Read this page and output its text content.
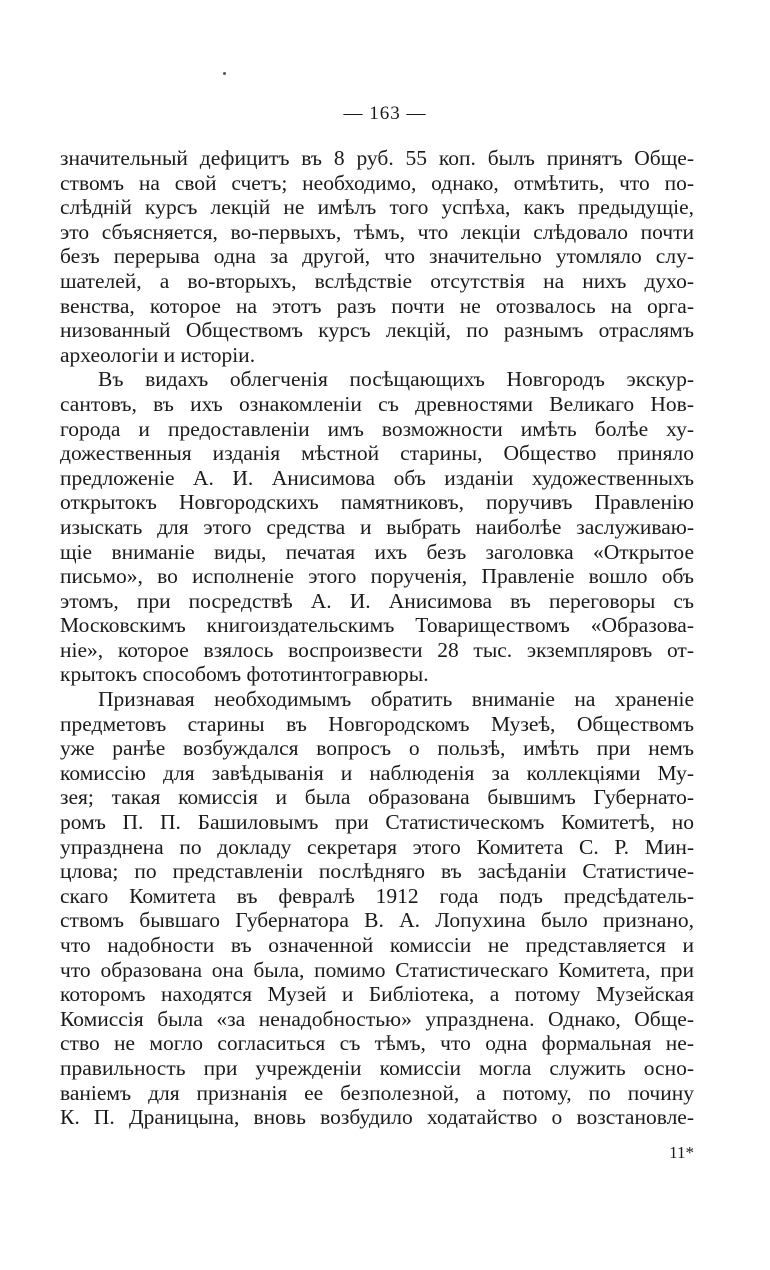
— 163 —

значительный дефицитъ въ 8 руб. 55 коп. былъ принятъ Обще-
ствомъ на свой счетъ; необходимо, однако, отмѣтить, что по-
слѣднiй курсъ лекцiй не имѣлъ того успѣха, какъ предыдущiе,
это сбъясняется, во-первыхъ, тѣмъ, что лекцiи слѣдовало почти
безъ перерыва одна за другой, что значительно утомляло слу-
шателей, а во-вторыхъ, вслѣдствiе отсутствiя на нихъ духо-
венства, которое на этотъ разъ почти не отозвалось на орга-
низованный Обществомъ курсъ лекцiй, по разнымъ отраслямъ
археологiи и исторiи.

Въ видахъ облегченiя посѣщающихъ Новгородъ экскур-
сантовъ, въ ихъ ознакомленiи съ древностями Великаго Нов-
города и предоставленiи имъ возможности имѣть болѣе ху-
дожественныя изданiя мѣстной старины, Общество приняло
предложенiе А. И. Анисимова объ изданiи художественныхъ
открытокъ Новгородскихъ памятниковъ, поручивъ Правленiю
изыскать для этого средства и выбрать наиболѣе заслуживаю-
щiе вниманiе виды, печатая ихъ безъ заголовка «Открытое
письмо», во исполненiе этого порученiя, Правленiе вошло объ
этомъ, при посредствѣ А. И. Анисимова въ переговоры съ
Московскимъ книгоиздательскимъ Товариществомъ «Образова-
нiе», которое взялось воспроизвести 28 тыс. экземпляровъ от-
крытокъ способомъ фототинтогравюры.

Признавая необходимымъ обратить вниманiе на храненiе
предметовъ старины въ Новгородскомъ Музеѣ, Обществомъ
уже ранѣе возбуждался вопросъ о пользѣ, имѣть при немъ
комиссiю для завѣдыванiя и наблюденiя за коллекцiями Му-
зея; такая комиссiя и была образована бывшимъ Губернато-
ромъ П. П. Башиловымъ при Статистическомъ Комитетѣ, но
упразднена по докладу секретаря этого Комитета С. Р. Мин-
цлова; по представленiи послѣдняго въ засѣданiи Статистиче-
скаго Комитета въ февралѣ 1912 года подъ предсѣдатель-
ствомъ бывшаго Губернатора В. А. Лопухина было признано,
что надобности въ означенной комиссiи не представляется и
что образована она была, помимо Статистическаго Комитета, при
которомъ находятся Музей и Библiотека, а потому Музейская
Комиссiя была «за ненадобностью» упразднена. Однако, Обще-
ство не могло согласиться съ тѣмъ, что одна формальная не-
правильность при учрежденiи комиссiи могла служить осно-
ванiемъ для признанiя ее безполезной, а потому, по почину
К. П. Драницына, вновь возбудило ходатайство о возстановле-

11*
